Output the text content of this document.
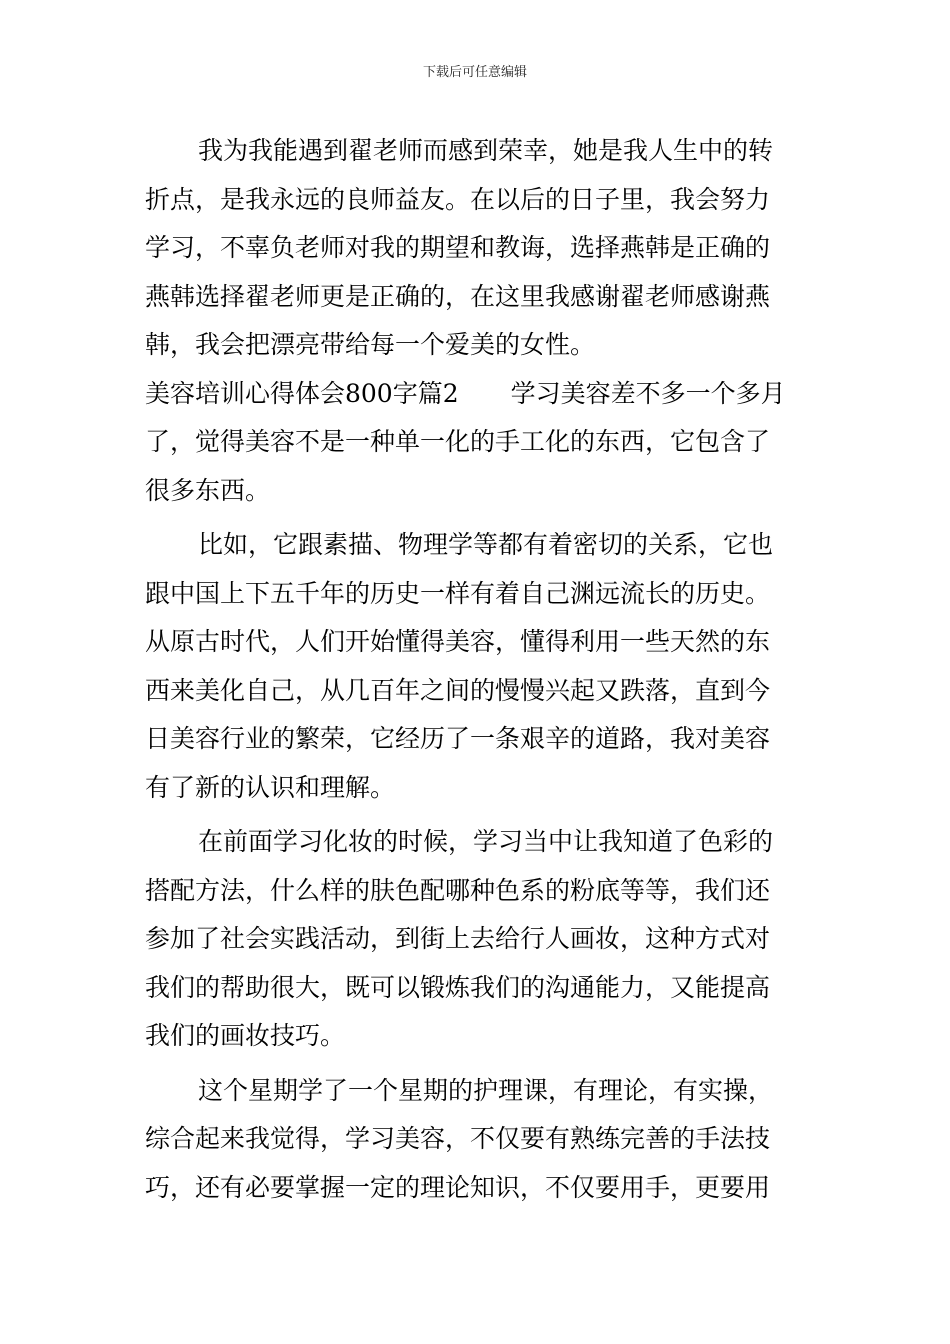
下载后可任意编辑
我为我能遇到翟老师而感到荣幸，她是我人生中的转
折点，是我永远的良师益友。在以后的日子里，我会努力
学习，不辜负老师对我的期望和教诲，选择燕韩是正确的
燕韩选择翟老师更是正确的，在这里我感谢翟老师感谢燕
韩，我会把漂亮带给每一个爱美的女性。
美容培训心得体会800字篇2 学习美容差不多一个多月
了，觉得美容不是一种单一化的手工化的东西，它包含了
很多东西。
比如，它跟素描、物理学等都有着密切的关系，它也
跟中国上下五千年的历史一样有着自己渊远流长的历史。
从原古时代，人们开始懂得美容，懂得利用一些天然的东
西来美化自己，从几百年之间的慢慢兴起又跌落，直到今
日美容行业的繁荣，它经历了一条艰辛的道路，我对美容
有了新的认识和理解。
在前面学习化妆的时候，学习当中让我知道了色彩的
搭配方法，什么样的肤色配哪种色系的粉底等等，我们还
参加了社会实践活动，到街上去给行人画妆，这种方式对
我们的帮助很大，既可以锻炼我们的沟通能力，又能提高
我们的画妆技巧。
这个星期学了一个星期的护理课，有理论，有实操，
综合起来我觉得，学习美容，不仅要有熟练完善的手法技
巧，还有必要掌握一定的理论知识，不仅要用手，更要用
